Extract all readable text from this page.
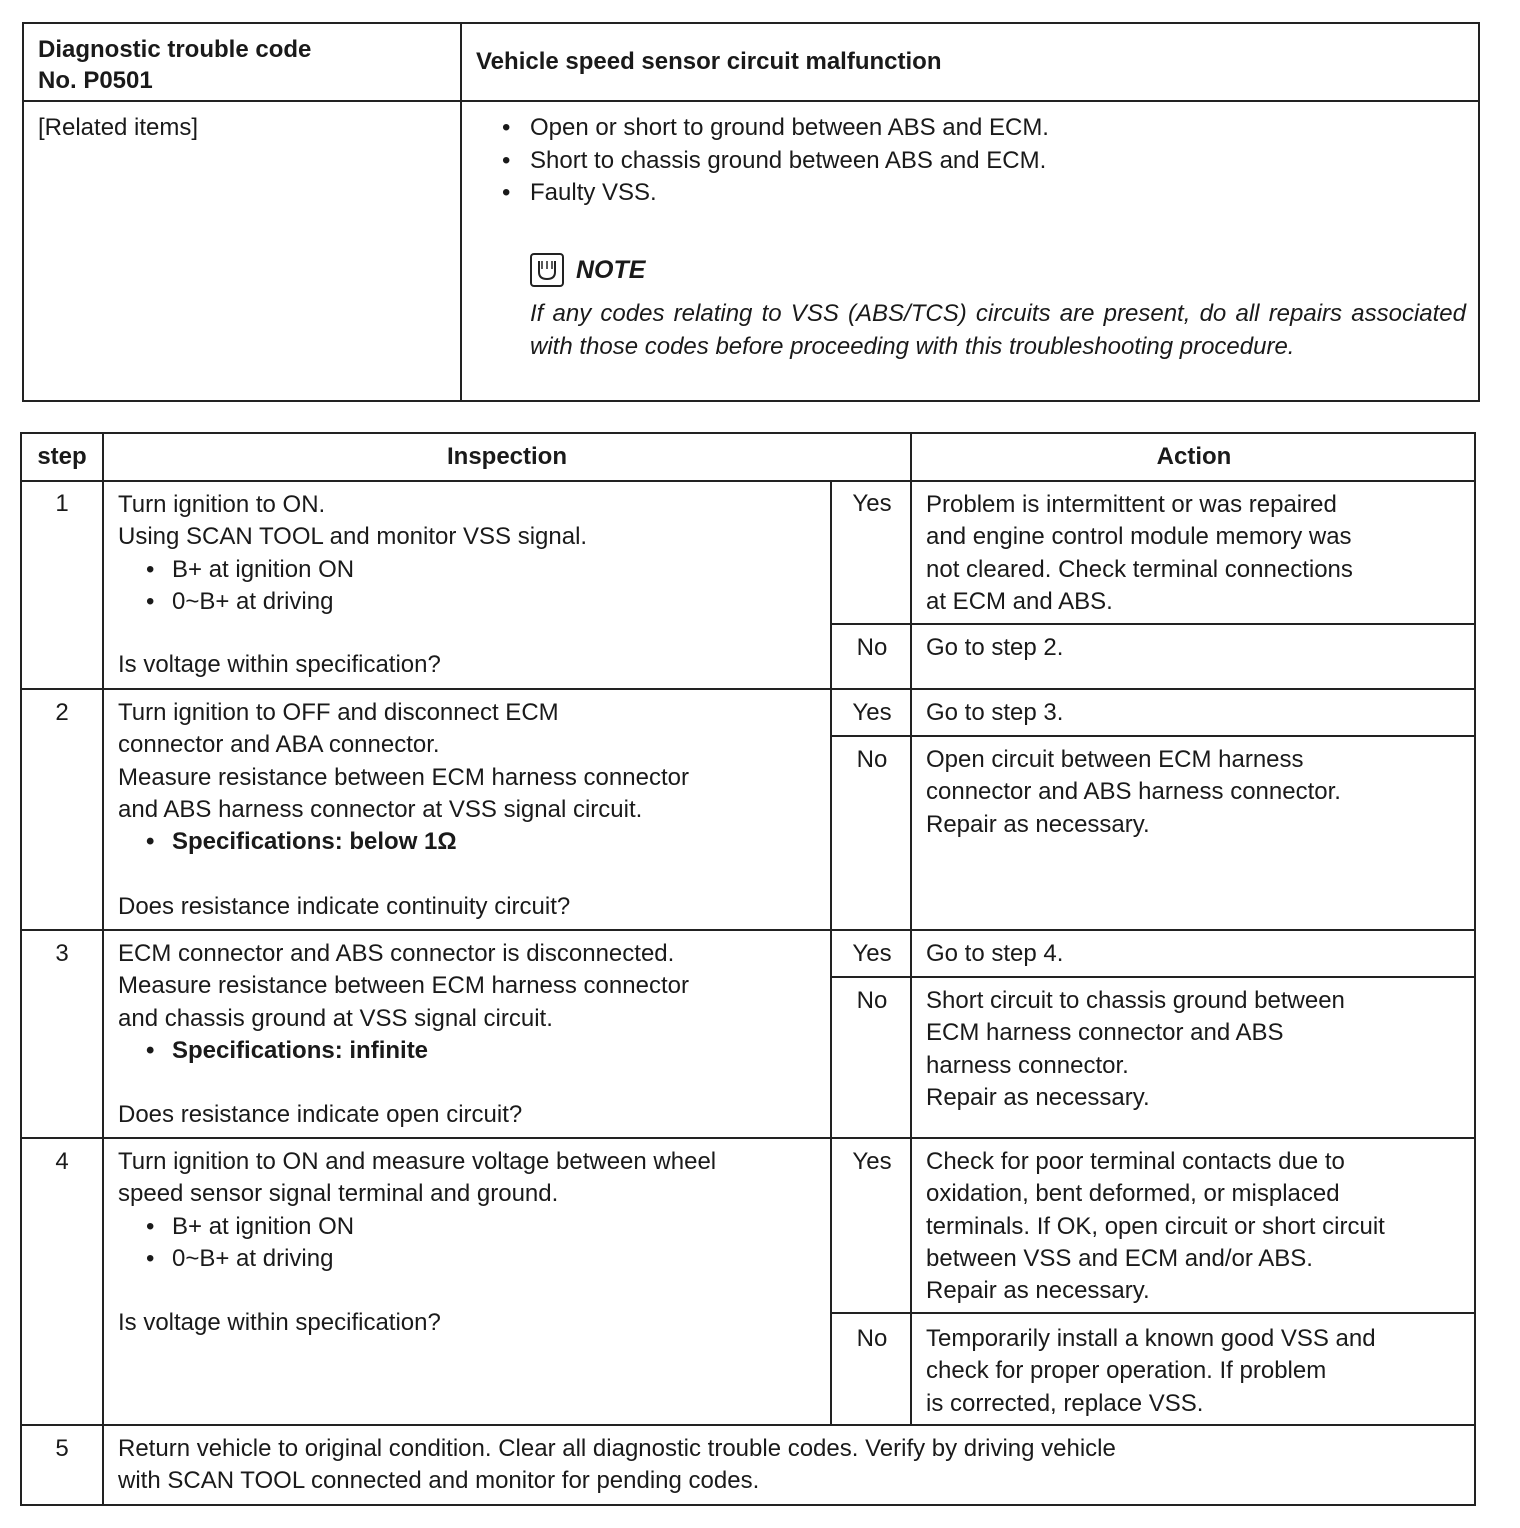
Diagnostic trouble code
No. P0501
Vehicle speed sensor circuit malfunction
[Related items]
•	Open or short to ground between ABS and ECM.
• Short to chassis ground between ABS and ECM.
• Faulty VSS.
NOTE
If any codes relating to VSS (ABS/TCS) circuits are present, do all repairs associated with those codes before proceeding with this troubleshooting procedure.
step	Inspection	Action
1	Turn ignition to ON.
Using SCAN TOOL and monitor VSS signal.
• B+ at ignition ON
• 0~B+ at driving
Is voltage within specification?
Yes	Problem is intermittent or was repaired
and engine control module memory was
not cleared. Check terminal connections
at ECM and ABS.
No	Go to step 2.
2	Turn ignition to OFF and disconnect ECM
connector and ABA connector.
Measure resistance between ECM harness connector
and ABS harness connector at VSS signal circuit.
• Specifications: below 1Ω
Does resistance indicate continuity circuit?
Yes	Go to step 3.
No	Open circuit between ECM harness
connector and ABS harness connector.
Repair as necessary.
3	ECM connector and ABS connector is disconnected.
Measure resistance between ECM harness connector
and chassis ground at VSS signal circuit.
• Specifications: infinite
Does resistance indicate open circuit?
Yes	Go to step 4.
No	Short circuit to chassis ground between
ECM harness connector and ABS
harness connector.
Repair as necessary.
4	Turn ignition to ON and measure voltage between wheel
speed sensor signal terminal and ground.
• B+ at ignition ON
• 0~B+ at driving
Is voltage within specification?
Yes	Check for poor terminal contacts due to
oxidation, bent deformed, or misplaced
terminals. If OK, open circuit or short circuit
between VSS and ECM and/or ABS.
Repair as necessary.
No	Temporarily install a known good VSS and
check for proper operation. If problem
is corrected, replace VSS.
5	Return vehicle to original condition. Clear all diagnostic trouble codes. Verify by driving vehicle
with SCAN TOOL connected and monitor for pending codes.
